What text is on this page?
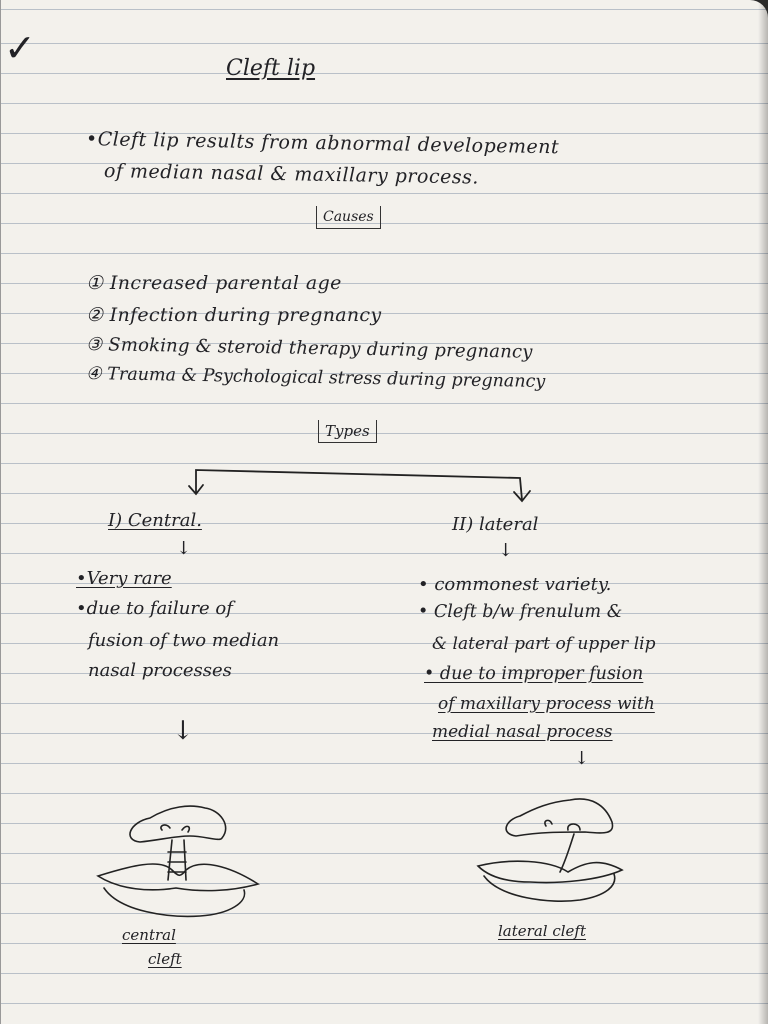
✓	Cleft lip
•Cleft lip results from abnormal developement
of median nasal & maxillary process.
Causes
① Increased parental age
② Infection during pregnancy
③ Smoking & steroid therapy during pregnancy
④ Trauma & Psychological stress during pregnancy
Types
I) Central.
↓
•Very rare
•due to failure of
fusion of two median
nasal processes
↓
central
cleft
II) lateral
↓
• commonest variety.
• Cleft b/w frenulum &
& lateral part of upper lip
• due to improper fusion
of maxillary process with
medial nasal process
↓
lateral cleft
